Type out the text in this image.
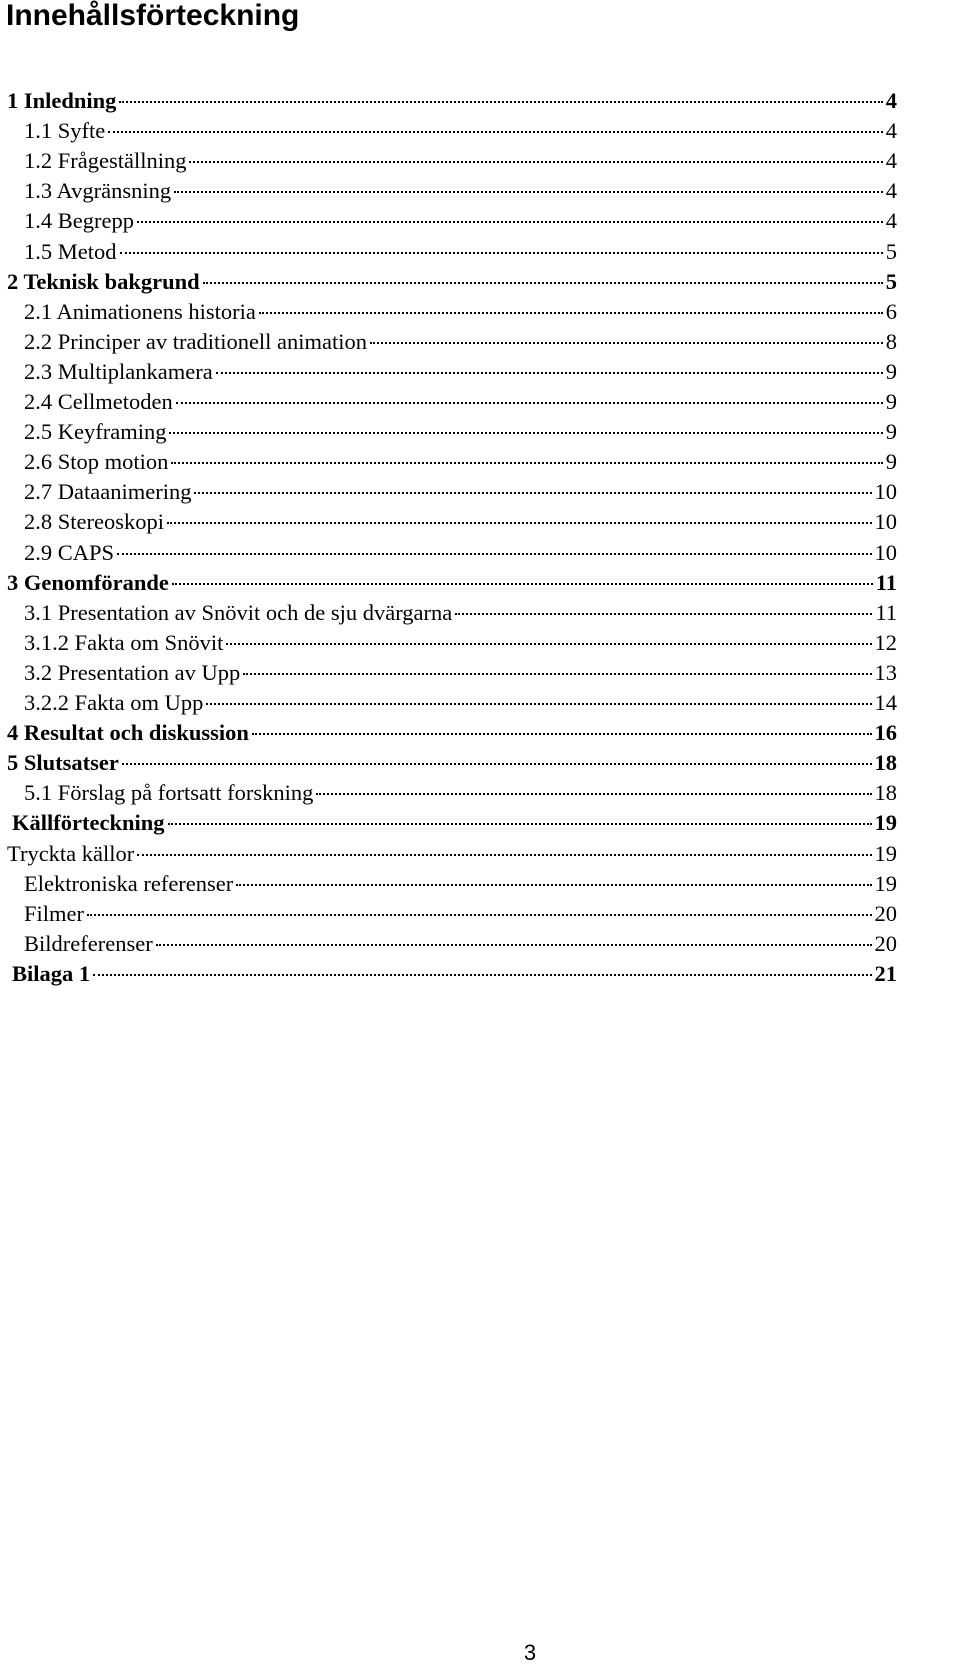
Innehållsförteckning
1 Inledning	4
1.1 Syfte	4
1.2 Frågeställning	4
1.3 Avgränsning	4
1.4 Begrepp	4
1.5 Metod	5
2 Teknisk bakgrund	5
2.1 Animationens historia	6
2.2 Principer av traditionell animation	8
2.3 Multiplankamera	9
2.4 Cellmetoden	9
2.5 Keyframing	9
2.6 Stop motion	9
2.7 Dataanimering	10
2.8 Stereoskopi	10
2.9 CAPS	10
3 Genomförande	11
3.1 Presentation av Snövit och de sju dvärgarna	11
3.1.2 Fakta om Snövit	12
3.2 Presentation av Upp	13
3.2.2 Fakta om Upp	14
4 Resultat och diskussion	16
5 Slutsatser	18
5.1 Förslag på fortsatt forskning	18
Källförteckning	19
Tryckta källor	19
Elektroniska referenser	19
Filmer	20
Bildreferenser	20
Bilaga 1	21
3
